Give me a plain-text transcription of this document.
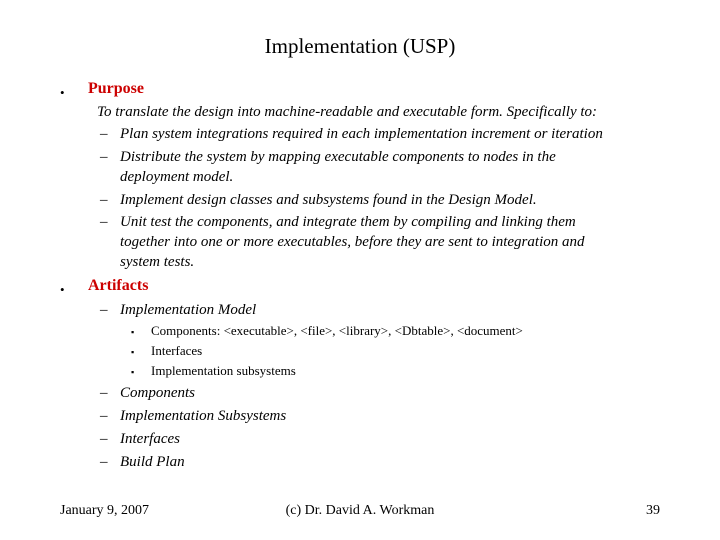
Implementation (USP)
• Purpose
To translate the design into machine-readable and executable form. Specifically to:
– Plan system integrations required in each implementation increment or iteration
– Distribute the system by mapping executable components to nodes in the
deployment model.
– Implement design classes and subsystems found in the Design Model.
– Unit test the components, and integrate them by compiling and linking them
together into one or more executables, before they are sent to integration and
system tests.
• Artifacts
– Implementation Model
▪ Components: <executable>, <file>, <library>, <Dbtable>, <document>
▪ Interfaces
▪ Implementation subsystems
– Components
– Implementation Subsystems
– Interfaces
– Build Plan
January 9, 2007	(c) Dr. David A. Workman	39
